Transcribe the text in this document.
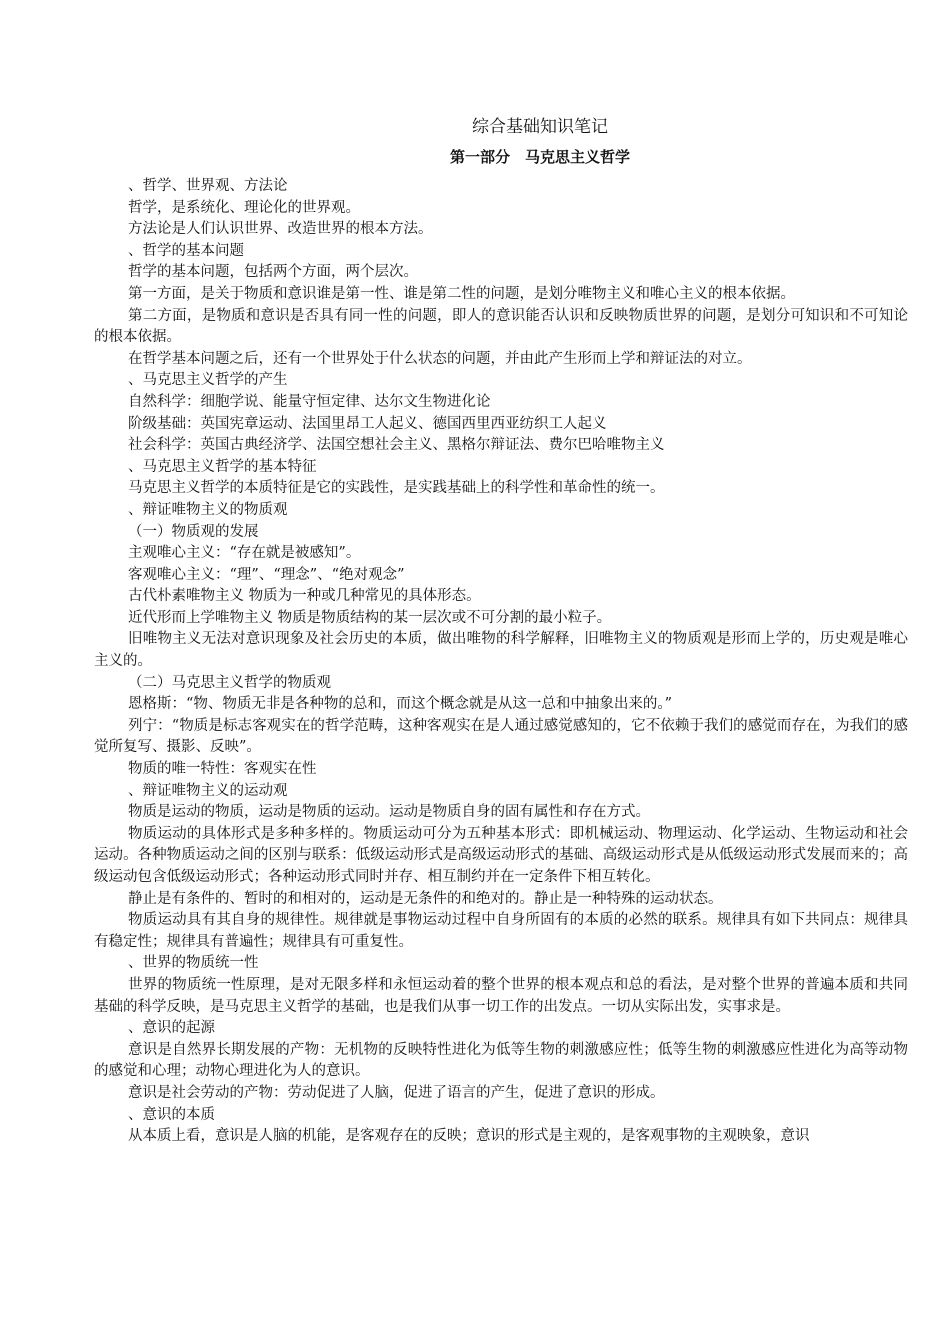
综合基础知识笔记
第一部分　马克思主义哲学
、哲学、世界观、方法论
哲学，是系统化、理论化的世界观。
方法论是人们认识世界、改造世界的根本方法。
、哲学的基本问题
哲学的基本问题，包括两个方面，两个层次。
第一方面，是关于物质和意识谁是第一性、谁是第二性的问题，是划分唯物主义和唯心主义的根本依据。
第二方面，是物质和意识是否具有同一性的问题，即人的意识能否认识和反映物质世界的问题，是划分可知识和不可知论的根本依据。
在哲学基本问题之后，还有一个世界处于什么状态的问题，并由此产生形而上学和辩证法的对立。
、马克思主义哲学的产生
自然科学：细胞学说、能量守恒定律、达尔文生物进化论
阶级基础：英国宪章运动、法国里昂工人起义、德国西里西亚纺织工人起义
社会科学：英国古典经济学、法国空想社会主义、黑格尔辩证法、费尔巴哈唯物主义
、马克思主义哲学的基本特征
马克思主义哲学的本质特征是它的实践性，是实践基础上的科学性和革命性的统一。
、辩证唯物主义的物质观
（一）物质观的发展
主观唯心主义：“存在就是被感知”。
客观唯心主义：“理”、“理念”、“绝对观念”
古代朴素唯物主义 物质为一种或几种常见的具体形态。
近代形而上学唯物主义 物质是物质结构的某一层次或不可分割的最小粒子。
旧唯物主义无法对意识现象及社会历史的本质，做出唯物的科学解释，旧唯物主义的物质观是形而上学的，历史观是唯心主义的。
（二）马克思主义哲学的物质观
恩格斯：“物、物质无非是各种物的总和，而这个概念就是从这一总和中抽象出来的。”
列宁：“物质是标志客观实在的哲学范畴，这种客观实在是人通过感觉感知的，它不依赖于我们的感觉而存在，为我们的感觉所复写、摄影、反映”。
物质的唯一特性：客观实在性
、辩证唯物主义的运动观
物质是运动的物质，运动是物质的运动。运动是物质自身的固有属性和存在方式。
物质运动的具体形式是多种多样的。物质运动可分为五种基本形式：即机械运动、物理运动、化学运动、生物运动和社会运动。各种物质运动之间的区别与联系：低级运动形式是高级运动形式的基础、高级运动形式是从低级运动形式发展而来的；高级运动包含低级运动形式；各种运动形式同时并存、相互制约并在一定条件下相互转化。
静止是有条件的、暂时的和相对的，运动是无条件的和绝对的。静止是一种特殊的运动状态。
物质运动具有其自身的规律性。规律就是事物运动过程中自身所固有的本质的必然的联系。规律具有如下共同点：规律具有稳定性；规律具有普遍性；规律具有可重复性。
、世界的物质统一性
世界的物质统一性原理，是对无限多样和永恒运动着的整个世界的根本观点和总的看法，是对整个世界的普遍本质和共同基础的科学反映，是马克思主义哲学的基础，也是我们从事一切工作的出发点。一切从实际出发，实事求是。
、意识的起源
意识是自然界长期发展的产物：无机物的反映特性进化为低等生物的刺激感应性；低等生物的刺激感应性进化为高等动物的感觉和心理；动物心理进化为人的意识。
意识是社会劳动的产物：劳动促进了人脑，促进了语言的产生，促进了意识的形成。
、意识的本质
从本质上看，意识是人脑的机能，是客观存在的反映；意识的形式是主观的，是客观事物的主观映象，意识
